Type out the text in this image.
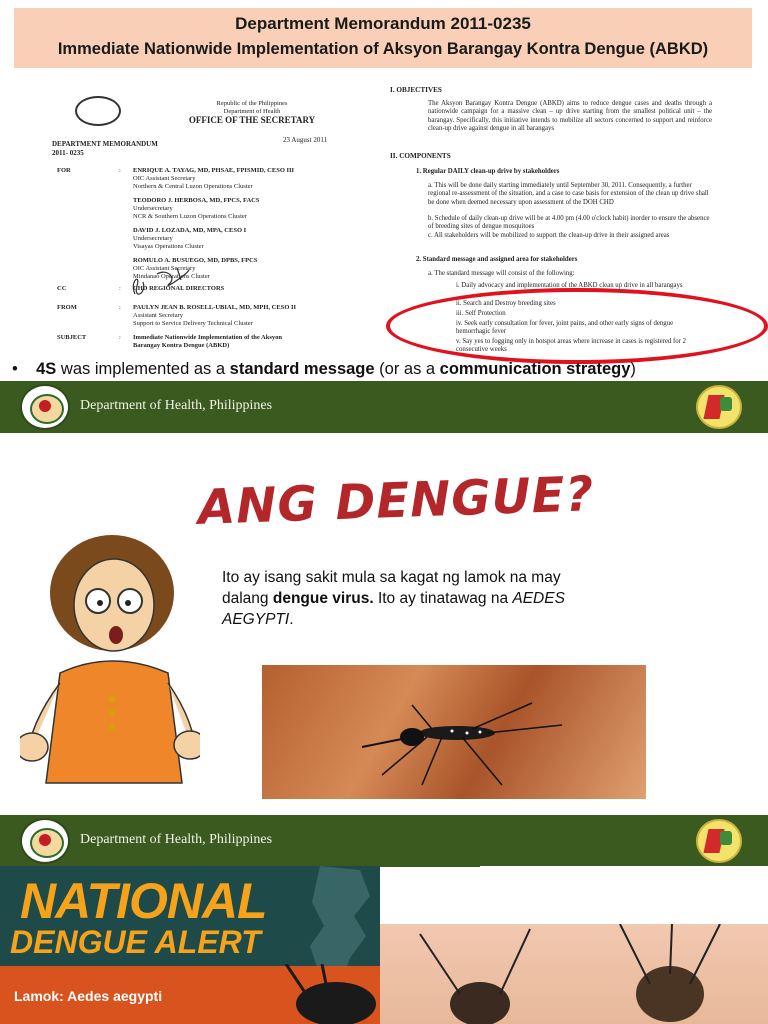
Department Memorandum 2011-0235
Immediate Nationwide Implementation of Aksyon Barangay Kontra Dengue (ABKD)
Republic of the Philippines
Department of Health
OFFICE OF THE SECRETARY
23 August 2011
DEPARTMENT MEMORANDUM
2011- 0235
FOR	: ENRIQUE A. TAYAG, MD, PHSAE, FPISMID, CESO III
OIC Assistant Secretary
Northern & Central Luzon Operations Cluster

TEODORO J. HERBOSA, MD, FPCS, FACS
Undersecretary
NCR & Southern Luzon Operations Cluster

DAVID J. LOZADA, MD, MPA, CESO I
Undersecretary
Visayas Operations Cluster

ROMULO A. BUSUEGO, MD, DPBS, FPCS
OIC Assistant Secretary
Mindanao Operations Cluster
CC	: CHD REGIONAL DIRECTORS
FROM	: PAULYN JEAN B. ROSELL-UBIAL, MD, MPH, CESO II
Assistant Secretary
Support to Service Delivery Technical Cluster
SUBJECT	: Immediate Nationwide Implementation of the Aksyon
Barangay Kontra Dengue (ABKD)
I. OBJECTIVES
The Aksyon Barangay Kontra Dengue (ABKD) aims to reduce dengue cases and deaths through a nationwide campaign for a massive clean – up drive starting from the smallest political unit – the barangay. Specifically, this initiative intends to mobilize all sectors concerned to support and reinforce clean-up drive against dengue in all barangays
II. COMPONENTS
1. Regular DAILY clean-up drive by stakeholders
a. This will be done daily starting immediately until September 30, 2011. Consequently, a further regional re-assessment of the situation, and a case to case basis for extension of the clean up drive shall be done when deemed necessary upon assessment of the DOH CHD
b. Schedule of daily clean-up drive will be at 4.00 pm (4.00 o'clock habit) inorder to ensure the absence of breeding sites of dengue mosquitoes
c. All stakeholders will be mobilized to support the clean-up drive in their assigned areas
2. Standard message and assigned area for stakeholders
a. The standard message will consist of the following:
i. Daily advocacy and implementation of the ABKD clean up drive in all barangays
ii. Search and Destroy breeding sites
iii. Self Protection
iv. Seek early consultation for fever, joint pains, and other early signs of dengue hemorrhagic fever
v. Say yes to fogging only in hotspot areas where increase in cases is registered for 2 consecutive weeks
• 4S was implemented as a standard message (or as a communication strategy)
Department of Health, Philippines
ANG DENGUE?
Ito ay isang sakit mula sa kagat ng lamok na may dalang dengue virus. Ito ay tinatawag na AEDES AEGYPTI.
Department of Health, Philippines
NATIONAL
DENGUE ALERT
Lamok: Aedes aegypti
